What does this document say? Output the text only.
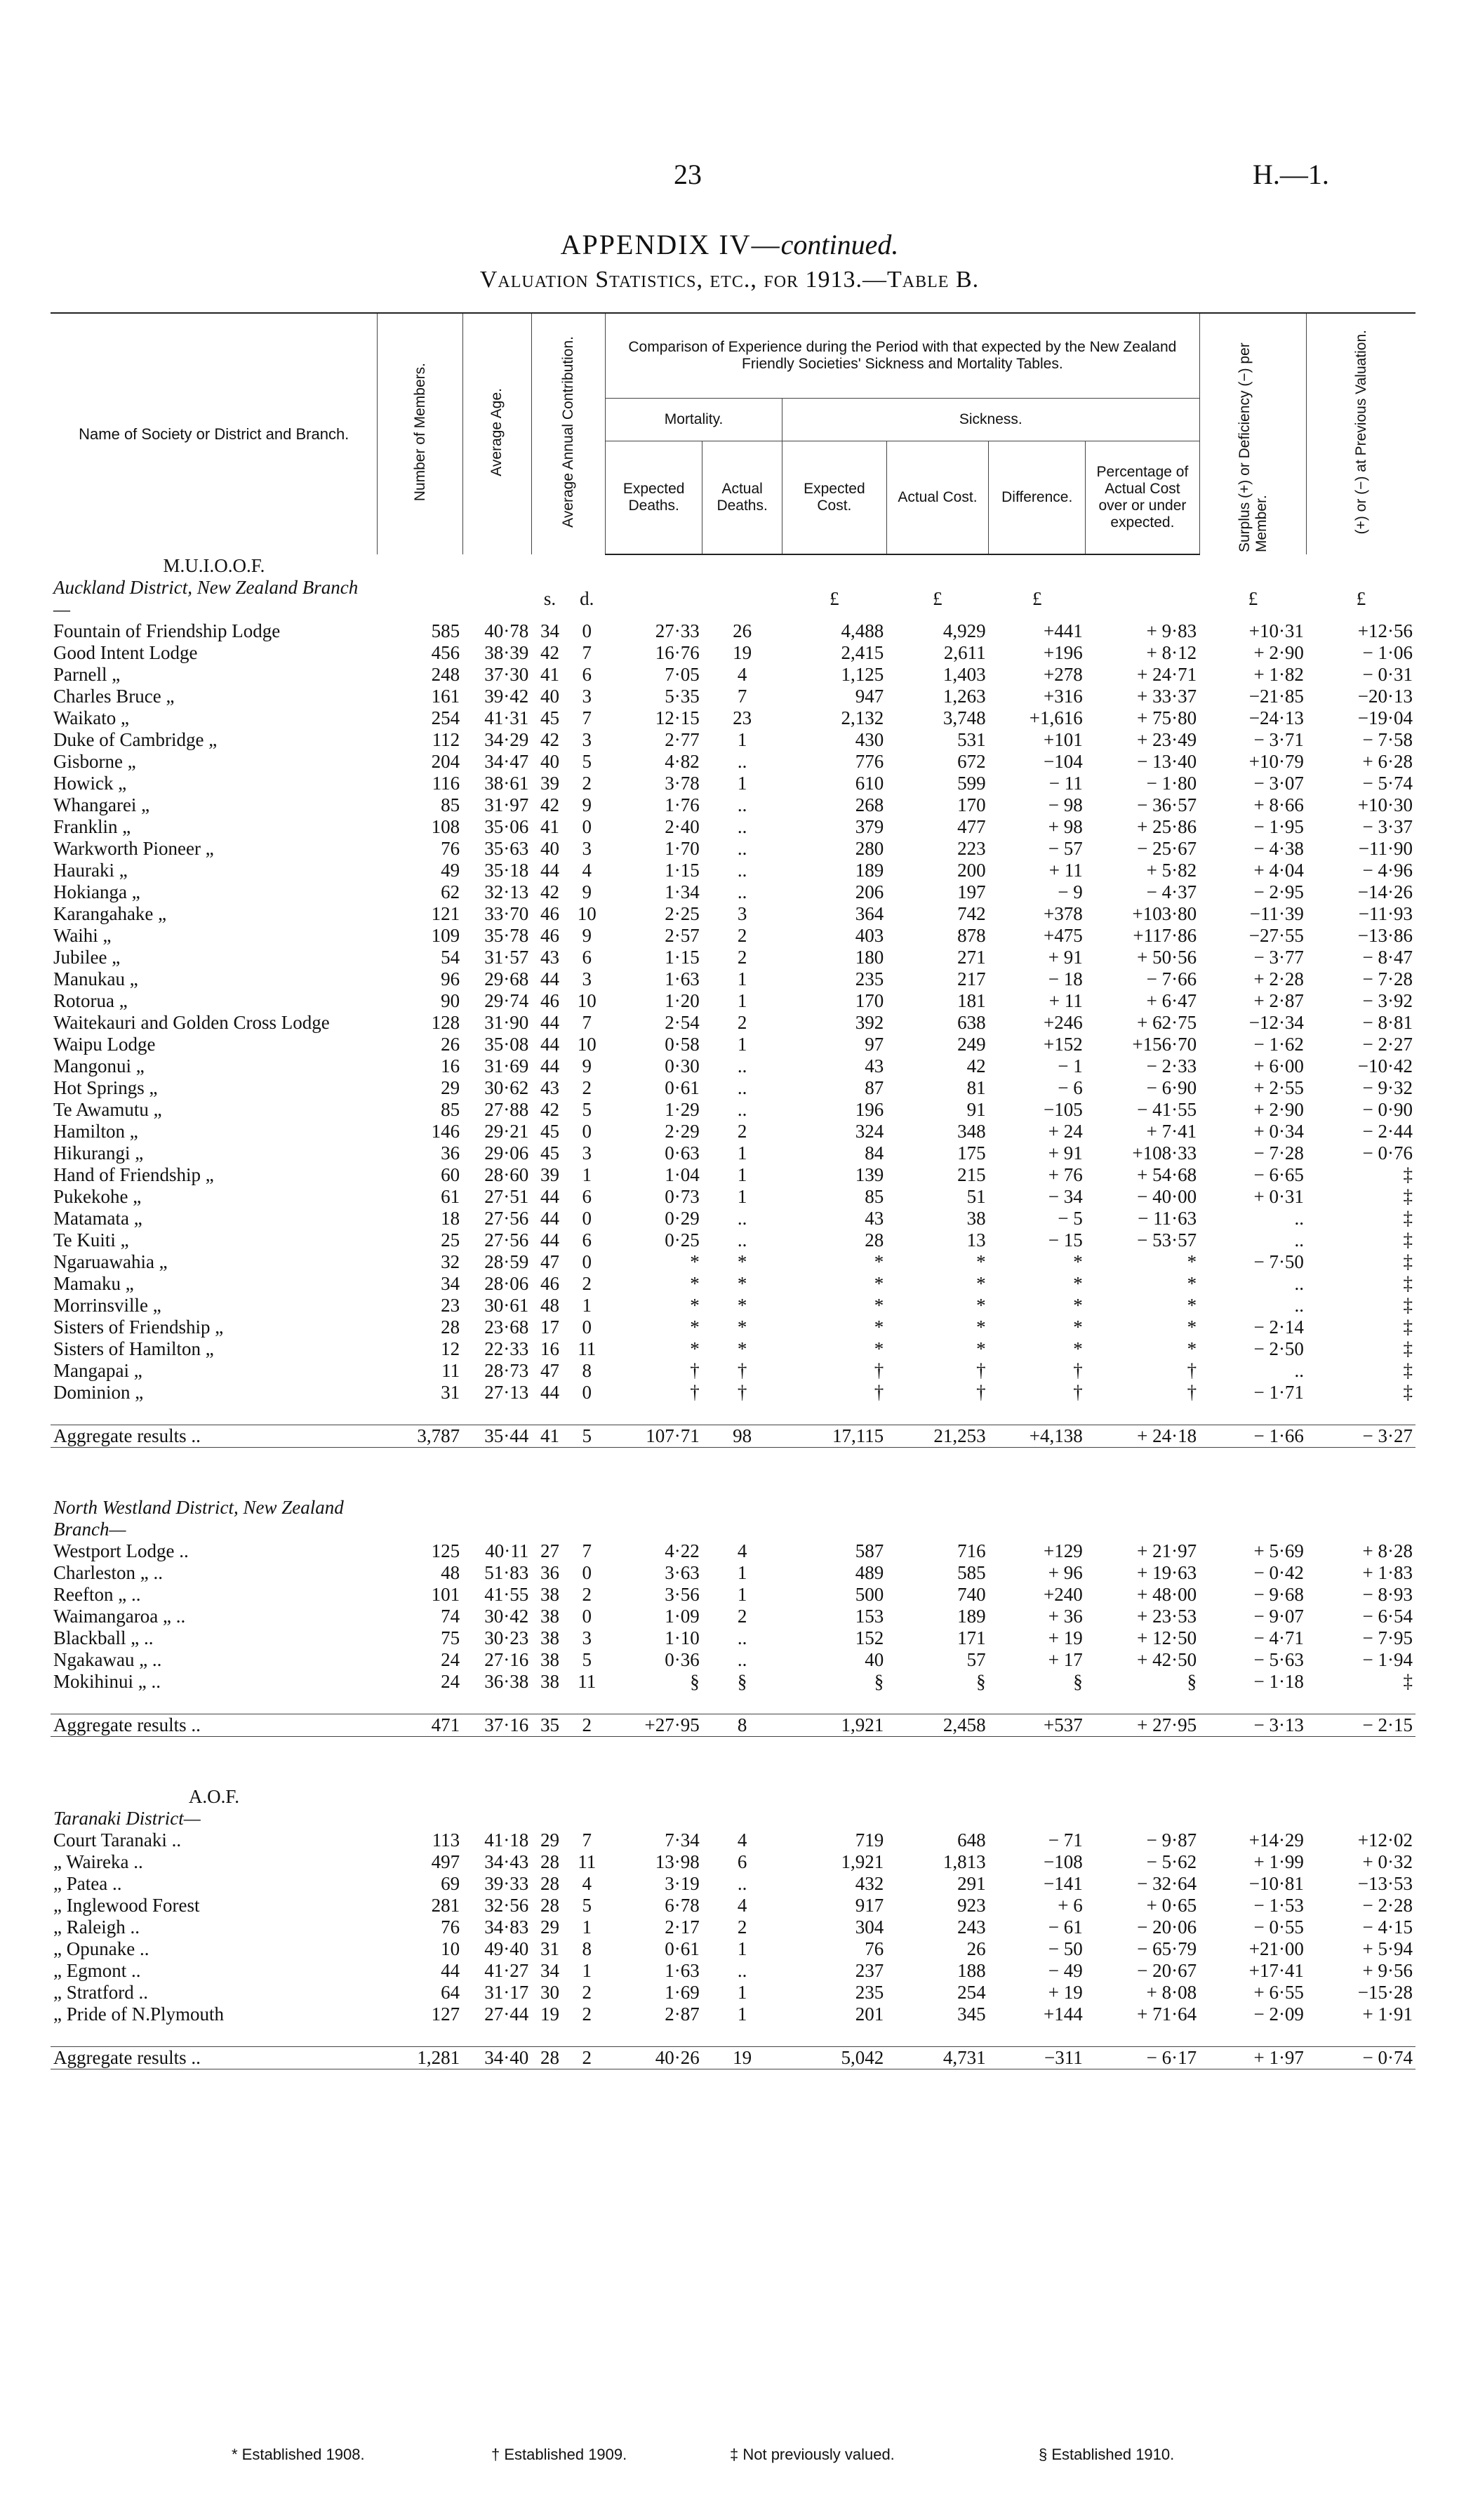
23	H.—1.
APPENDIX IV—continued.
Valuation Statistics, etc., for 1913.—Table B.
Name of Society or District and Branch.	Number of Members.	Average Age.	Average Annual Contribution.		Comparison of Experience during the Period with that expected by the New Zealand Friendly Societies' Sickness and Mortality Tables.						Surplus (+) or Deficiency (−) per Member.	(+) or (−) at Previous Valuation.
					Mortality.		Sickness.					
					Expected Deaths.	Actual Deaths.	Expected Cost.	Actual Cost.	Difference.	Percentage of Actual Cost over or under expected.		
M.U.I.O.O.F.												
Auckland District, New Zealand Branch—			s.	d.			£	£	£		£	£
Fountain of Friendship Lodge	585	40·78	34	0	27·33	26	4,488	4,929	+441	+ 9·83	+10·31	+12·56
Good Intent Lodge	456	38·39	42	7	16·76	19	2,415	2,611	+196	+ 8·12	+ 2·90	− 1·06
Parnell „	248	37·30	41	6	7·05	4	1,125	1,403	+278	+ 24·71	+ 1·82	− 0·31
Charles Bruce „	161	39·42	40	3	5·35	7	947	1,263	+316	+ 33·37	−21·85	−20·13
Waikato „	254	41·31	45	7	12·15	23	2,132	3,748	+1,616	+ 75·80	−24·13	−19·04
Duke of Cambridge „	112	34·29	42	3	2·77	1	430	531	+101	+ 23·49	− 3·71	− 7·58
Gisborne „	204	34·47	40	5	4·82	..	776	672	−104	− 13·40	+10·79	+ 6·28
Howick „	116	38·61	39	2	3·78	1	610	599	− 11	− 1·80	− 3·07	− 5·74
Whangarei „	85	31·97	42	9	1·76	..	268	170	− 98	− 36·57	+ 8·66	+10·30
Franklin „	108	35·06	41	0	2·40	..	379	477	+ 98	+ 25·86	− 1·95	− 3·37
Warkworth Pioneer „	76	35·63	40	3	1·70	..	280	223	− 57	− 25·67	− 4·38	−11·90
Hauraki „	49	35·18	44	4	1·15	..	189	200	+ 11	+ 5·82	+ 4·04	− 4·96
Hokianga „	62	32·13	42	9	1·34	..	206	197	− 9	− 4·37	− 2·95	−14·26
Karangahake „	121	33·70	46	10	2·25	3	364	742	+378	+103·80	−11·39	−11·93
Waihi „	109	35·78	46	9	2·57	2	403	878	+475	+117·86	−27·55	−13·86
Jubilee „	54	31·57	43	6	1·15	2	180	271	+ 91	+ 50·56	− 3·77	− 8·47
Manukau „	96	29·68	44	3	1·63	1	235	217	− 18	− 7·66	+ 2·28	− 7·28
Rotorua „	90	29·74	46	10	1·20	1	170	181	+ 11	+ 6·47	+ 2·87	− 3·92
Waitekauri and Golden Cross Lodge	128	31·90	44	7	2·54	2	392	638	+246	+ 62·75	−12·34	− 8·81
Waipu Lodge	26	35·08	44	10	0·58	1	97	249	+152	+156·70	− 1·62	− 2·27
Mangonui „	16	31·69	44	9	0·30	..	43	42	− 1	− 2·33	+ 6·00	−10·42
Hot Springs „	29	30·62	43	2	0·61	..	87	81	− 6	− 6·90	+ 2·55	− 9·32
Te Awamutu „	85	27·88	42	5	1·29	..	196	91	−105	− 41·55	+ 2·90	− 0·90
Hamilton „	146	29·21	45	0	2·29	2	324	348	+ 24	+ 7·41	+ 0·34	− 2·44
Hikurangi „	36	29·06	45	3	0·63	1	84	175	+ 91	+108·33	− 7·28	− 0·76
Hand of Friendship „	60	28·60	39	1	1·04	1	139	215	+ 76	+ 54·68	− 6·65	‡
Pukekohe „	61	27·51	44	6	0·73	1	85	51	− 34	− 40·00	+ 0·31	‡
Matamata „	18	27·56	44	0	0·29	..	43	38	− 5	− 11·63	..	‡
Te Kuiti „	25	27·56	44	6	0·25	..	28	13	− 15	− 53·57	..	‡
Ngaruawahia „	32	28·59	47	0	*	*	*	*	*	*	− 7·50	‡
Mamaku „	34	28·06	46	2	*	*	*	*	*	*	..	‡
Morrinsville „	23	30·61	48	1	*	*	*	*	*	*	..	‡
Sisters of Friendship „	28	23·68	17	0	*	*	*	*	*	*	− 2·14	‡
Sisters of Hamilton „	12	22·33	16	11	*	*	*	*	*	*	− 2·50	‡
Mangapai „	11	28·73	47	8	†	†	†	†	†	†	..	‡
Dominion „	31	27·13	44	0	†	†	†	†	†	†	− 1·71	‡

Aggregate results ..	3,787	35·44	41	5	107·71	98	17,115	21,253	+4,138	+ 24·18	− 1·66	− 3·27

North Westland District, New Zealand Branch—												
Westport Lodge ..	125	40·11	27	7	4·22	4	587	716	+129	+ 21·97	+ 5·69	+ 8·28
Charleston „ ..	48	51·83	36	0	3·63	1	489	585	+ 96	+ 19·63	− 0·42	+ 1·83
Reefton „ ..	101	41·55	38	2	3·56	1	500	740	+240	+ 48·00	− 9·68	− 8·93
Waimangaroa „ ..	74	30·42	38	0	1·09	2	153	189	+ 36	+ 23·53	− 9·07	− 6·54
Blackball „ ..	75	30·23	38	3	1·10	..	152	171	+ 19	+ 12·50	− 4·71	− 7·95
Ngakawau „ ..	24	27·16	38	5	0·36	..	40	57	+ 17	+ 42·50	− 5·63	− 1·94
Mokihinui „ ..	24	36·38	38	11	§	§	§	§	§	§	− 1·18	‡

Aggregate results ..	471	37·16	35	2	+27·95	8	1,921	2,458	+537	+ 27·95	− 3·13	− 2·15

A.O.F.												
Taranaki District—												
Court Taranaki ..	113	41·18	29	7	7·34	4	719	648	− 71	− 9·87	+14·29	+12·02
„ Waireka ..	497	34·43	28	11	13·98	6	1,921	1,813	−108	− 5·62	+ 1·99	+ 0·32
„ Patea ..	69	39·33	28	4	3·19	..	432	291	−141	− 32·64	−10·81	−13·53
„ Inglewood Forest	281	32·56	28	5	6·78	4	917	923	+ 6	+ 0·65	− 1·53	− 2·28
„ Raleigh ..	76	34·83	29	1	2·17	2	304	243	− 61	− 20·06	− 0·55	− 4·15
„ Opunake ..	10	49·40	31	8	0·61	1	76	26	− 50	− 65·79	+21·00	+ 5·94
„ Egmont ..	44	41·27	34	1	1·63	..	237	188	− 49	− 20·67	+17·41	+ 9·56
„ Stratford ..	64	31·17	30	2	1·69	1	235	254	+ 19	+ 8·08	+ 6·55	−15·28
„ Pride of N.Plymouth	127	27·44	19	2	2·87	1	201	345	+144	+ 71·64	− 2·09	+ 1·91

Aggregate results ..	1,281	34·40	28	2	40·26	19	5,042	4,731	−311	− 6·17	+ 1·97	− 0·74
* Established 1908.	† Established 1909.	‡ Not previously valued.	§ Established 1910.
